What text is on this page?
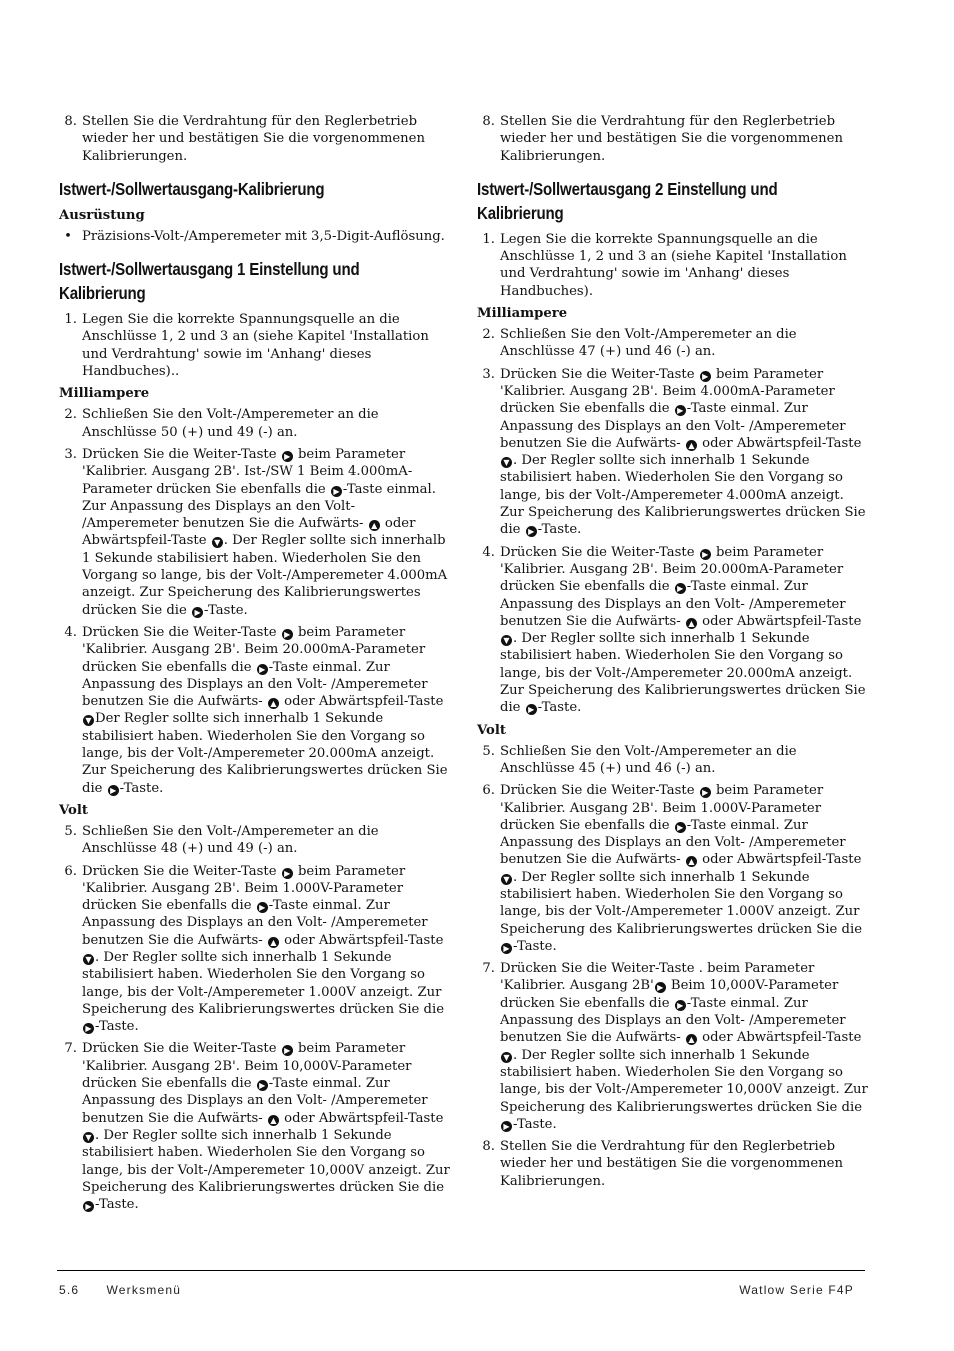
8. Stellen Sie die Verdrahtung für den Reglerbetrieb wieder her und bestätigen Sie die vorgenommenen Kalibrierungen.
Istwert-/Sollwertausgang-Kalibrierung
Ausrüstung
• Präzisions-Volt-/Amperemeter mit 3,5-Digit-Auflösung.
Istwert-/Sollwertausgang 1 Einstellung und Kalibrierung
1. Legen Sie die korrekte Spannungsquelle an die Anschlüsse 1, 2 und 3 an (siehe Kapitel 'Installation und Verdrahtung' sowie im 'Anhang' dieses Handbuches)..
Milliampere
2. Schließen Sie den Volt-/Amperemeter an die Anschlüsse 50 (+) und 49 (-) an.
3. Drücken Sie die Weiter-Taste ▶ beim Parameter 'Kalibrier. Ausgang 2B'. Ist-/SW 1 Beim 4.000mA-Parameter drücken Sie ebenfalls die ▶ -Taste einmal. Zur Anpassung des Displays an den Volt- /Amperemeter benutzen Sie die Aufwärts- ▲ oder Abwärtspfeil-Taste ▼ . Der Regler sollte sich innerhalb 1 Sekunde stabilisiert haben. Wiederholen Sie den Vorgang so lange, bis der Volt-/Amperemeter 4.000mA anzeigt. Zur Speicherung des Kalibrierungswertes drücken Sie die ▶ -Taste.
4. Drücken Sie die Weiter-Taste ▶ beim Parameter 'Kalibrier. Ausgang 2B'. Beim 20.000mA-Parameter drücken Sie ebenfalls die ▶ -Taste einmal. Zur Anpassung des Displays an den Volt- /Amperemeter benutzen Sie die Aufwärts- ▲ oder Abwärtspfeil-Taste ▼ Der Regler sollte sich innerhalb 1 Sekunde stabilisiert haben. Wiederholen Sie den Vorgang so lange, bis der Volt-/Amperemeter 20.000mA anzeigt. Zur Speicherung des Kalibrierungswertes drücken Sie die ▶ -Taste.
Volt
5. Schließen Sie den Volt-/Amperemeter an die Anschlüsse 48 (+) und 49 (-) an.
6. Drücken Sie die Weiter-Taste ▶ beim Parameter 'Kalibrier. Ausgang 2B'. Beim 1.000V-Parameter drücken Sie ebenfalls die ▶ -Taste einmal. Zur Anpassung des Displays an den Volt- /Amperemeter benutzen Sie die Aufwärts- ▲ oder Abwärtspfeil-Taste ▼ . Der Regler sollte sich innerhalb 1 Sekunde stabilisiert haben. Wiederholen Sie den Vorgang so lange, bis der Volt-/Amperemeter 1.000V anzeigt. Zur Speicherung des Kalibrierungswertes drücken Sie die ▶ -Taste.
7. Drücken Sie die Weiter-Taste ▶ beim Parameter 'Kalibrier. Ausgang 2B'. Beim 10,000V-Parameter drücken Sie ebenfalls die ▶ -Taste einmal. Zur Anpassung des Displays an den Volt- /Amperemeter benutzen Sie die Aufwärts- ▲ oder Abwärtspfeil-Taste ▼ . Der Regler sollte sich innerhalb 1 Sekunde stabilisiert haben. Wiederholen Sie den Vorgang so lange, bis der Volt-/Amperemeter 10,000V anzeigt. Zur Speicherung des Kalibrierungswertes drücken Sie die ▶ -Taste.
8. Stellen Sie die Verdrahtung für den Reglerbetrieb wieder her und bestätigen Sie die vorgenommenen Kalibrierungen.
Istwert-/Sollwertausgang 2 Einstellung und Kalibrierung
1. Legen Sie die korrekte Spannungsquelle an die Anschlüsse 1, 2 und 3 an (siehe Kapitel 'Installation und Verdrahtung' sowie im 'Anhang' dieses Handbuches).
Milliampere
2. Schließen Sie den Volt-/Amperemeter an die Anschlüsse 47 (+) und 46 (-) an.
3. Drücken Sie die Weiter-Taste ▶ beim Parameter 'Kalibrier. Ausgang 2B'. Beim 4.000mA-Parameter drücken Sie ebenfalls die ▶ -Taste einmal. Zur Anpassung des Displays an den Volt- /Amperemeter benutzen Sie die Aufwärts- ▲ oder Abwärtspfeil-Taste ▼ . Der Regler sollte sich innerhalb 1 Sekunde stabilisiert haben. Wiederholen Sie den Vorgang so lange, bis der Volt-/Amperemeter 4.000mA anzeigt. Zur Speicherung des Kalibrierungswertes drücken Sie die ▶ -Taste.
4. Drücken Sie die Weiter-Taste ▶ beim Parameter 'Kalibrier. Ausgang 2B'. Beim 20.000mA-Parameter drücken Sie ebenfalls die ▶ -Taste einmal. Zur Anpassung des Displays an den Volt- /Amperemeter benutzen Sie die Aufwärts- ▲ oder Abwärtspfeil-Taste ▼ . Der Regler sollte sich innerhalb 1 Sekunde stabilisiert haben. Wiederholen Sie den Vorgang so lange, bis der Volt-/Amperemeter 20.000mA anzeigt. Zur Speicherung des Kalibrierungswertes drücken Sie die ▶ -Taste.
Volt
5. Schließen Sie den Volt-/Amperemeter an die Anschlüsse 45 (+) und 46 (-) an.
6. Drücken Sie die Weiter-Taste ▶ beim Parameter 'Kalibrier. Ausgang 2B'. Beim 1.000V-Parameter drücken Sie ebenfalls die ▶ -Taste einmal. Zur Anpassung des Displays an den Volt- /Amperemeter benutzen Sie die Aufwärts- ▲ oder Abwärtspfeil-Taste ▼ . Der Regler sollte sich innerhalb 1 Sekunde stabilisiert haben. Wiederholen Sie den Vorgang so lange, bis der Volt-/Amperemeter 1.000V anzeigt. Zur Speicherung des Kalibrierungswertes drücken Sie die ▶ -Taste.
7. Drücken Sie die Weiter-Taste . beim Parameter 'Kalibrier. Ausgang 2B' ▶ Beim 10,000V-Parameter drücken Sie ebenfalls die ▶ -Taste einmal. Zur Anpassung des Displays an den Volt- /Amperemeter benutzen Sie die Aufwärts- ▲ oder Abwärtspfeil-Taste ▼ . Der Regler sollte sich innerhalb 1 Sekunde stabilisiert haben. Wiederholen Sie den Vorgang so lange, bis der Volt-/Amperemeter 10,000V anzeigt. Zur Speicherung des Kalibrierungswertes drücken Sie die ▶ -Taste.
8. Stellen Sie die Verdrahtung für den Reglerbetrieb wieder her und bestätigen Sie die vorgenommenen Kalibrierungen.
5.6      Werksmenü	Watlow Serie F4P
